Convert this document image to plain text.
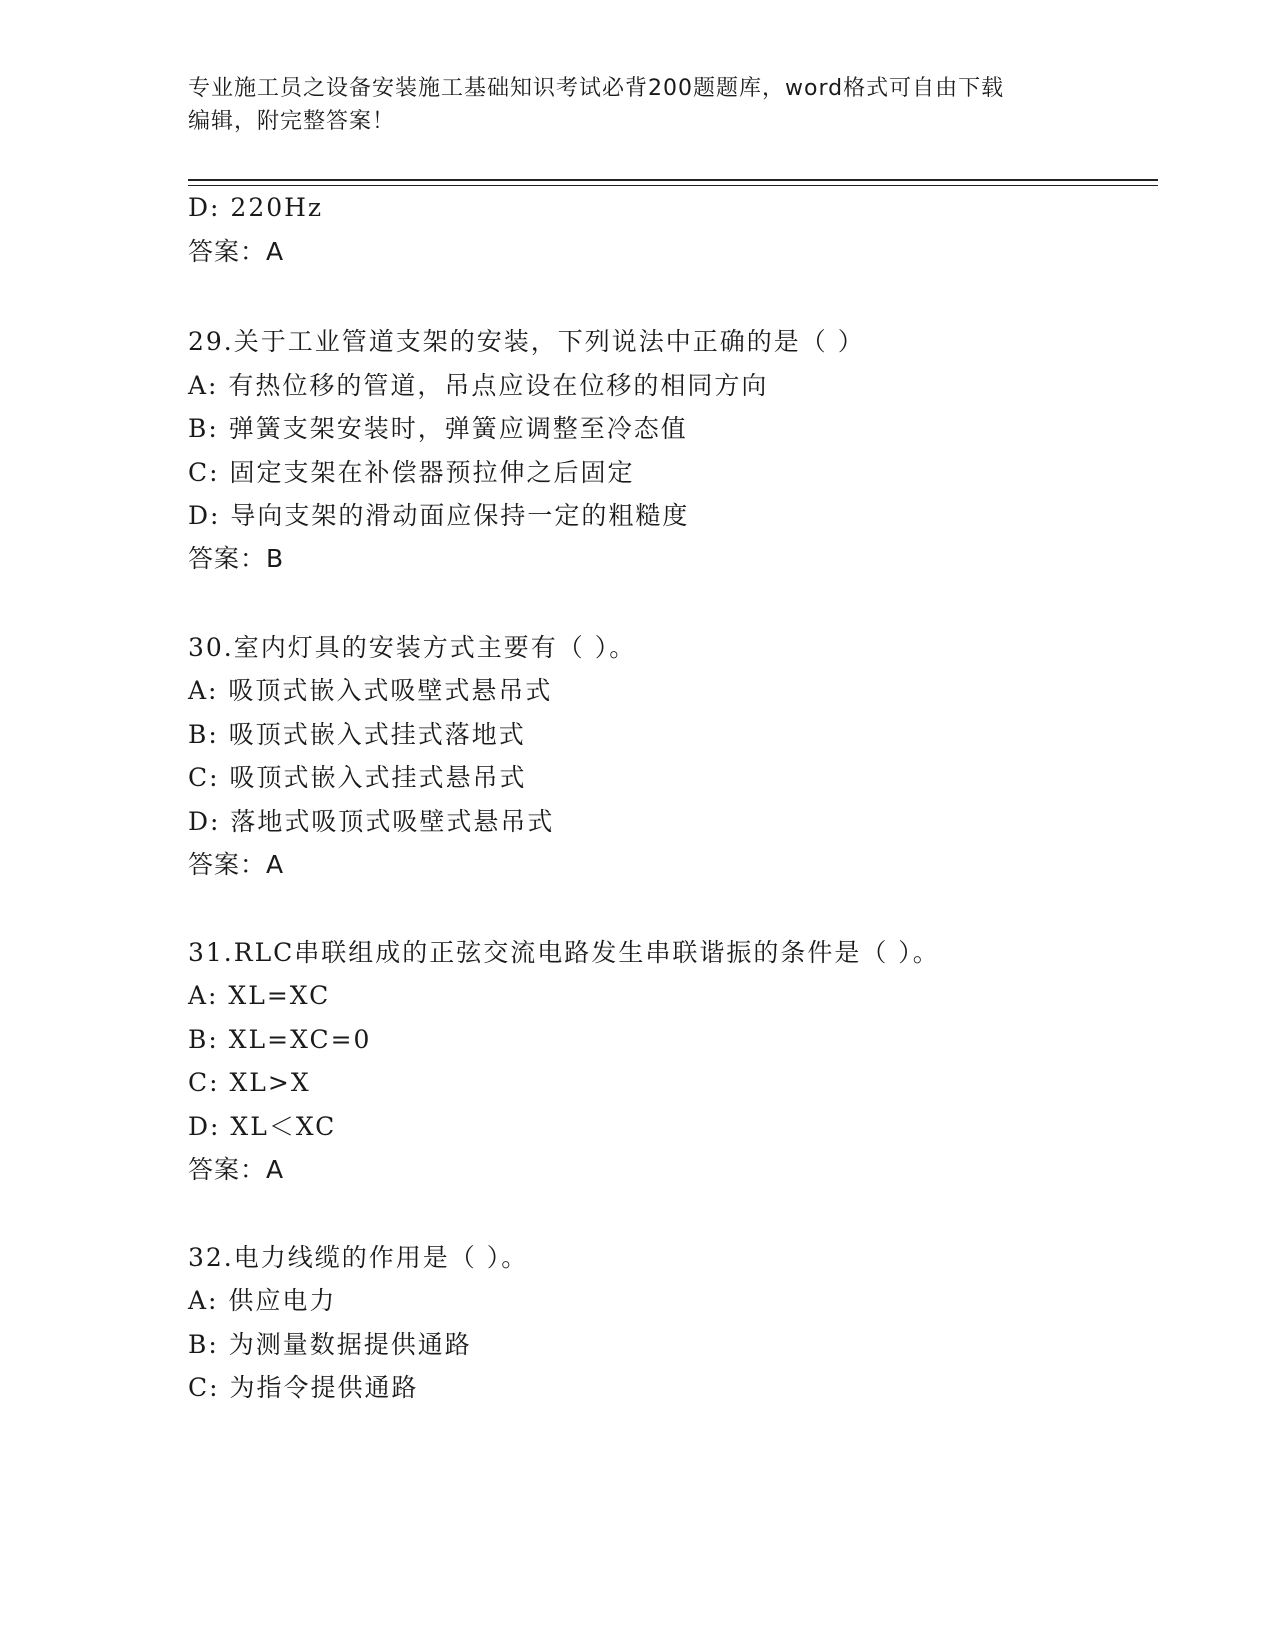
专业施工员之设备安装施工基础知识考试必背200题题库，word格式可自由下载
编辑，附完整答案！
D: 220Hz
答案：A
29.关于工业管道支架的安装，下列说法中正确的是（ ）
A: 有热位移的管道，吊点应设在位移的相同方向
B: 弹簧支架安装时，弹簧应调整至冷态值
C: 固定支架在补偿器预拉伸之后固定
D: 导向支架的滑动面应保持一定的粗糙度
答案：B
30.室内灯具的安装方式主要有（ ）。
A: 吸顶式嵌入式吸壁式悬吊式
B: 吸顶式嵌入式挂式落地式
C: 吸顶式嵌入式挂式悬吊式
D: 落地式吸顶式吸壁式悬吊式
答案：A
31.RLC串联组成的正弦交流电路发生串联谐振的条件是（ ）。
A: XL=XC
B: XL=XC=0
C: XL>X
D: XL＜XC
答案：A
32.电力线缆的作用是（ ）。
A: 供应电力
B: 为测量数据提供通路
C: 为指令提供通路
